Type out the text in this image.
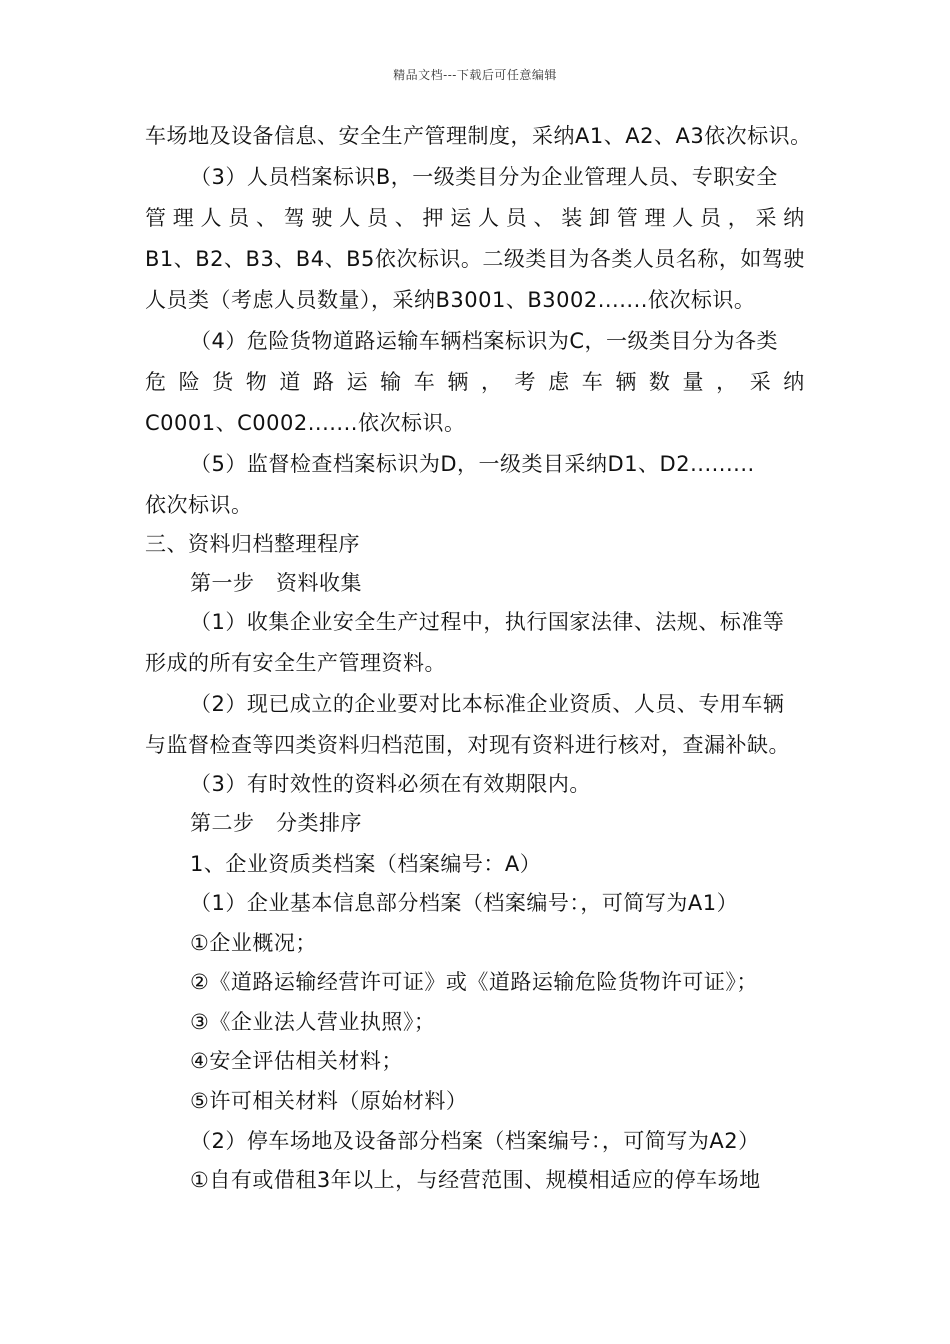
精品文档---下载后可任意编辑
车场地及设备信息、安全生产管理制度，采纳A1、A2、A3依次标识。
（3）人员档案标识B，一级类目分为企业管理人员、专职安全
管 理 人 员 、 驾 驶 人 员 、 押 运 人 员 、 装 卸 管 理 人 员 ， 采 纳
B1、B2、B3、B4、B5依次标识。二级类目为各类人员名称，如驾驶
人员类（考虑人员数量），采纳B3001、B3002.......依次标识。
（4）危险货物道路运输车辆档案标识为C，一级类目分为各类
危 险 货 物 道 路 运 输 车 辆 ， 考 虑 车 辆 数 量 ， 采 纳
C0001、C0002.......依次标识。
（5）监督检查档案标识为D，一级类目采纳D1、D2.........
依次标识。
三、资料归档整理程序
第一步　资料收集
（1）收集企业安全生产过程中，执行国家法律、法规、标准等
形成的所有安全生产管理资料。
（2）现已成立的企业要对比本标准企业资质、人员、专用车辆
与监督检查等四类资料归档范围，对现有资料进行核对，查漏补缺。
（3）有时效性的资料必须在有效期限内。
第二步　分类排序
1、企业资质类档案（档案编号：A）
（1）企业基本信息部分档案（档案编号：，可简写为A1）
①企业概况；
②《道路运输经营许可证》或《道路运输危险货物许可证》；
③《企业法人营业执照》；
④安全评估相关材料；
⑤许可相关材料（原始材料）
（2）停车场地及设备部分档案（档案编号：，可简写为A2）
①自有或借租3年以上，与经营范围、规模相适应的停车场地
